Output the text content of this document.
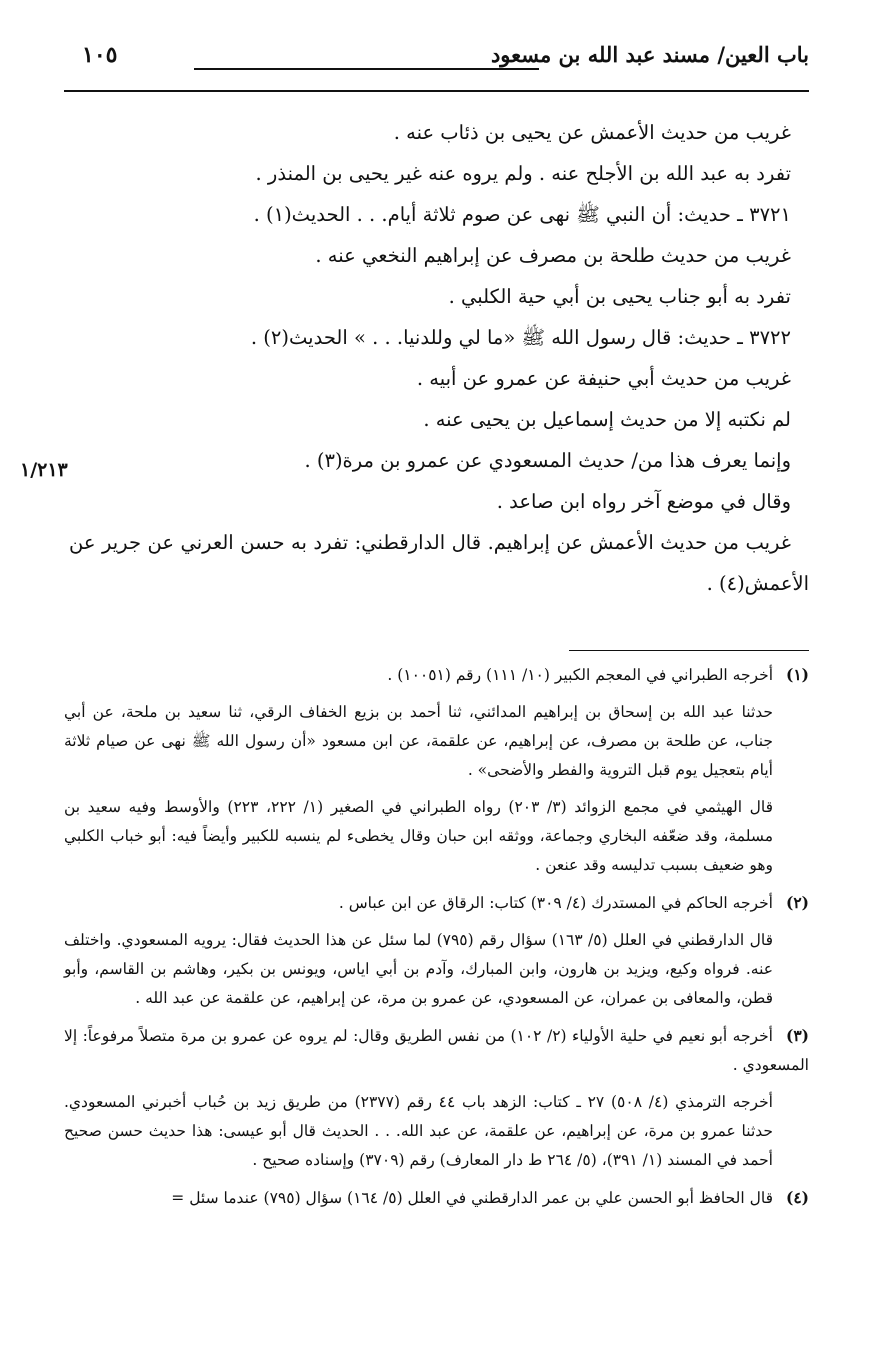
باب العين/ مسند عبد الله بن مسعود
١٠٥

غريب من حديث الأعمش عن يحيى بن ذئاب عنه .

تفرد به عبد الله بن الأجلح عنه . ولم يروه عنه غير يحيى بن المنذر .

٣٧٢١ ـ حديث: أن النبي ﷺ نهى عن صوم ثلاثة أيام. . . الحديث(١) .

غريب من حديث طلحة بن مصرف عن إبراهيم النخعي عنه .

تفرد به أبو جناب يحيى بن أبي حية الكلبي .

٣٧٢٢ ـ حديث: قال رسول الله ﷺ «ما لي وللدنيا. . . » الحديث(٢) .

غريب من حديث أبي حنيفة عن عمرو عن أبيه .

لم نكتبه إلا من حديث إسماعيل بن يحيى عنه .

وإنما يعرف هذا من/ حديث المسعودي عن عمرو بن مرة(٣) .

وقال في موضع آخر رواه ابن صاعد .

غريب من حديث الأعمش عن إبراهيم. قال الدارقطني: تفرد به حسن العرني عن جرير عن الأعمش(٤) .

١/٢١٣

(١)أخرجه الطبراني في المعجم الكبير (١٠/ ١١١) رقم (١٠٠٥١) .

حدثنا عبد الله بن إسحاق بن إبراهيم المدائني، ثنا أحمد بن بزيع الخفاف الرقي، ثنا سعيد بن ملحة، عن أبي جناب، عن طلحة بن مصرف، عن إبراهيم، عن علقمة، عن ابن مسعود «أن رسول الله ﷺ نهى عن صيام ثلاثة أيام بتعجيل يوم قبل التروية والفطر والأضحى» .

قال الهيثمي في مجمع الزوائد (٣/ ٢٠٣) رواه الطبراني في الصغير (١/ ٢٢٢، ٢٢٣) والأوسط وفيه سعيد بن مسلمة، وقد ضعّفه البخاري وجماعة، ووثقه ابن حبان وقال يخطىء لم ينسبه للكبير وأيضاً فيه: أبو خباب الكلبي وهو ضعيف بسبب تدليسه وقد عنعن .

(٢)أخرجه الحاكم في المستدرك (٤/ ٣٠٩) كتاب: الرقاق عن ابن عباس .

قال الدارقطني في العلل (٥/ ١٦٣) سؤال رقم (٧٩٥) لما سئل عن هذا الحديث فقال: يرويه المسعودي. واختلف عنه. فرواه وكيع، ويزيد بن هارون، وابن المبارك، وآدم بن أبي اياس، ويونس بن بكير، وهاشم بن القاسم، وأبو قطن، والمعافى بن عمران، عن المسعودي، عن عمرو بن مرة، عن إبراهيم، عن علقمة عن عبد الله .

(٣)أخرجه أبو نعيم في حلية الأولياء (٢/ ١٠٢) من نفس الطريق وقال: لم يروه عن عمرو بن مرة متصلاً مرفوعاً: إلا المسعودي .

أخرجه الترمذي (٤/ ٥٠٨) ٢٧ ـ كتاب: الزهد باب ٤٤ رقم (٢٣٧٧) من طريق زيد بن حُباب أخبرني المسعودي. حدثنا عمرو بن مرة، عن إبراهيم، عن علقمة، عن عبد الله. . . الحديث قال أبو عيسى: هذا حديث حسن صحيح أحمد في المسند (١/ ٣٩١)، (٥/ ٢٦٤ ط دار المعارف) رقم (٣٧٠٩) وإسناده صحيح .

(٤)قال الحافظ أبو الحسن علي بن عمر الدارقطني في العلل (٥/ ١٦٤) سؤال (٧٩٥) عندما سئل =
